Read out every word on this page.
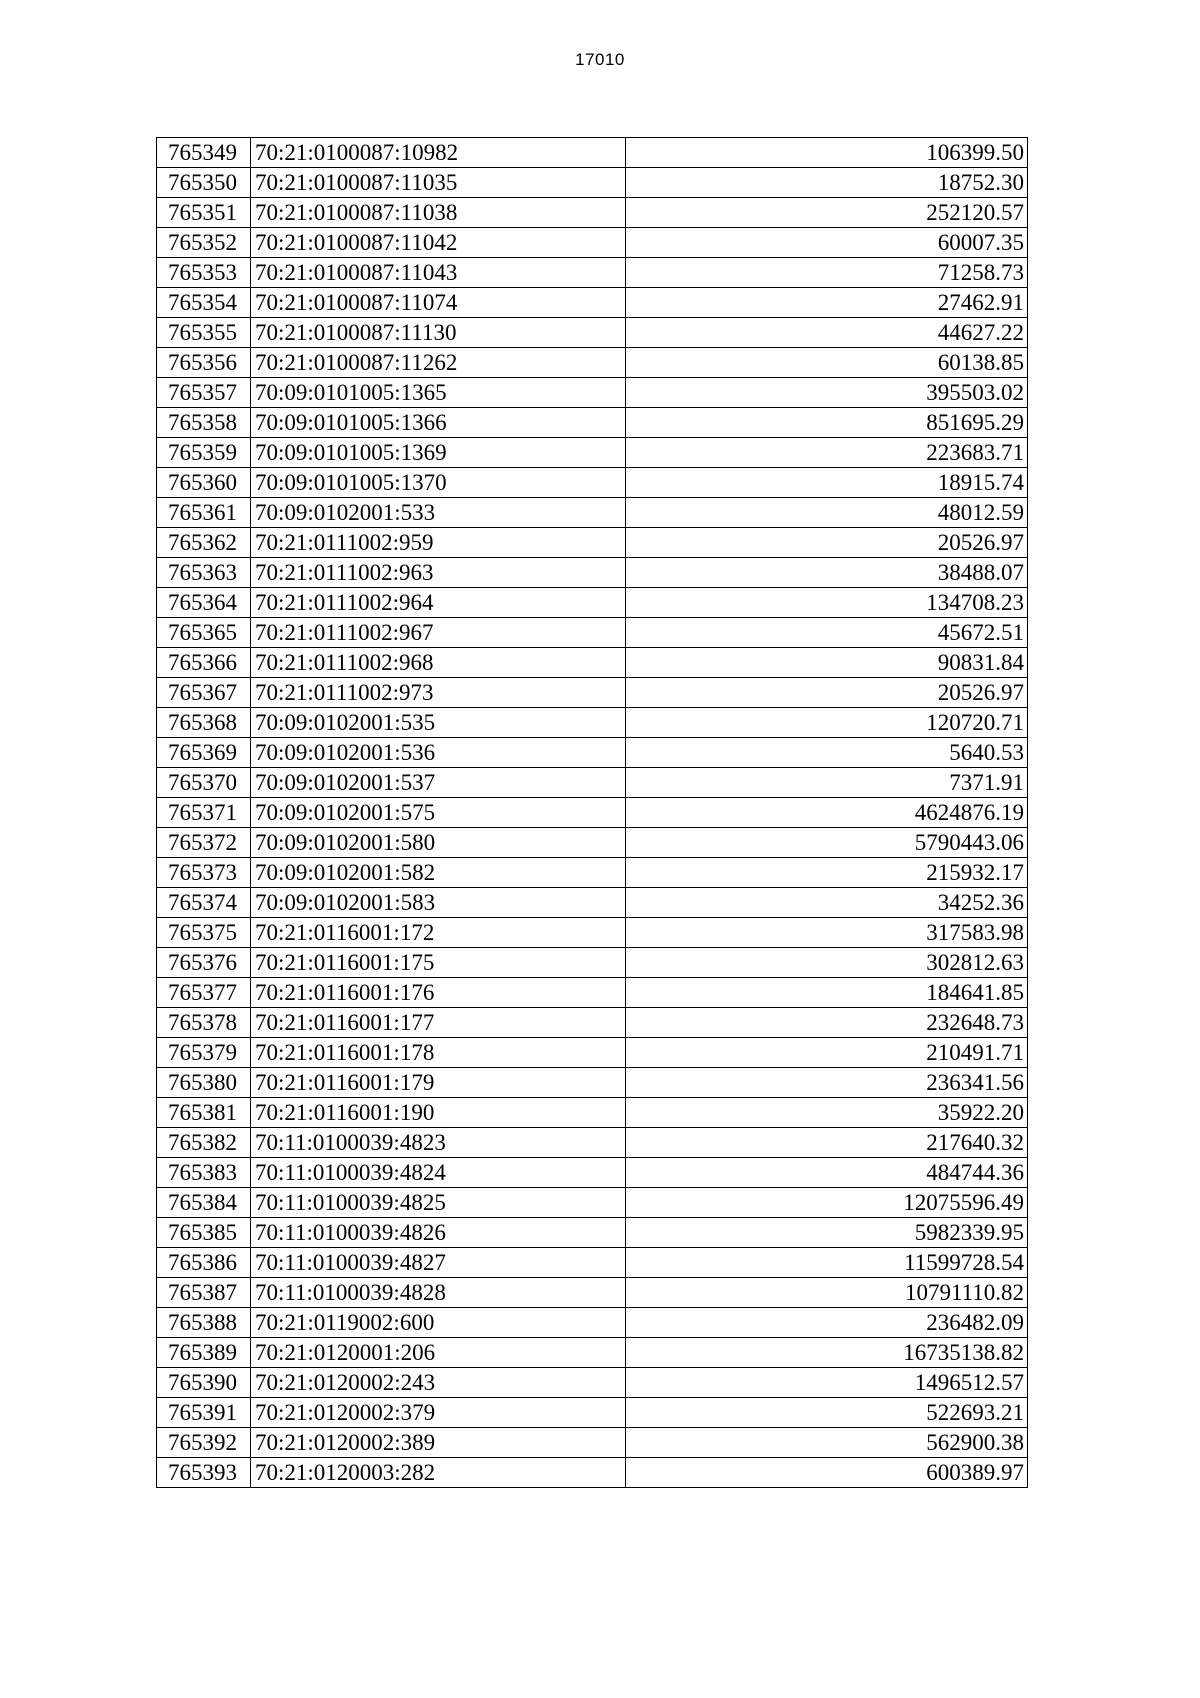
17010
765349	70:21:0100087:10982	106399.50
765350	70:21:0100087:11035	18752.30
765351	70:21:0100087:11038	252120.57
765352	70:21:0100087:11042	60007.35
765353	70:21:0100087:11043	71258.73
765354	70:21:0100087:11074	27462.91
765355	70:21:0100087:11130	44627.22
765356	70:21:0100087:11262	60138.85
765357	70:09:0101005:1365	395503.02
765358	70:09:0101005:1366	851695.29
765359	70:09:0101005:1369	223683.71
765360	70:09:0101005:1370	18915.74
765361	70:09:0102001:533	48012.59
765362	70:21:0111002:959	20526.97
765363	70:21:0111002:963	38488.07
765364	70:21:0111002:964	134708.23
765365	70:21:0111002:967	45672.51
765366	70:21:0111002:968	90831.84
765367	70:21:0111002:973	20526.97
765368	70:09:0102001:535	120720.71
765369	70:09:0102001:536	5640.53
765370	70:09:0102001:537	7371.91
765371	70:09:0102001:575	4624876.19
765372	70:09:0102001:580	5790443.06
765373	70:09:0102001:582	215932.17
765374	70:09:0102001:583	34252.36
765375	70:21:0116001:172	317583.98
765376	70:21:0116001:175	302812.63
765377	70:21:0116001:176	184641.85
765378	70:21:0116001:177	232648.73
765379	70:21:0116001:178	210491.71
765380	70:21:0116001:179	236341.56
765381	70:21:0116001:190	35922.20
765382	70:11:0100039:4823	217640.32
765383	70:11:0100039:4824	484744.36
765384	70:11:0100039:4825	12075596.49
765385	70:11:0100039:4826	5982339.95
765386	70:11:0100039:4827	11599728.54
765387	70:11:0100039:4828	10791110.82
765388	70:21:0119002:600	236482.09
765389	70:21:0120001:206	16735138.82
765390	70:21:0120002:243	1496512.57
765391	70:21:0120002:379	522693.21
765392	70:21:0120002:389	562900.38
765393	70:21:0120003:282	600389.97
